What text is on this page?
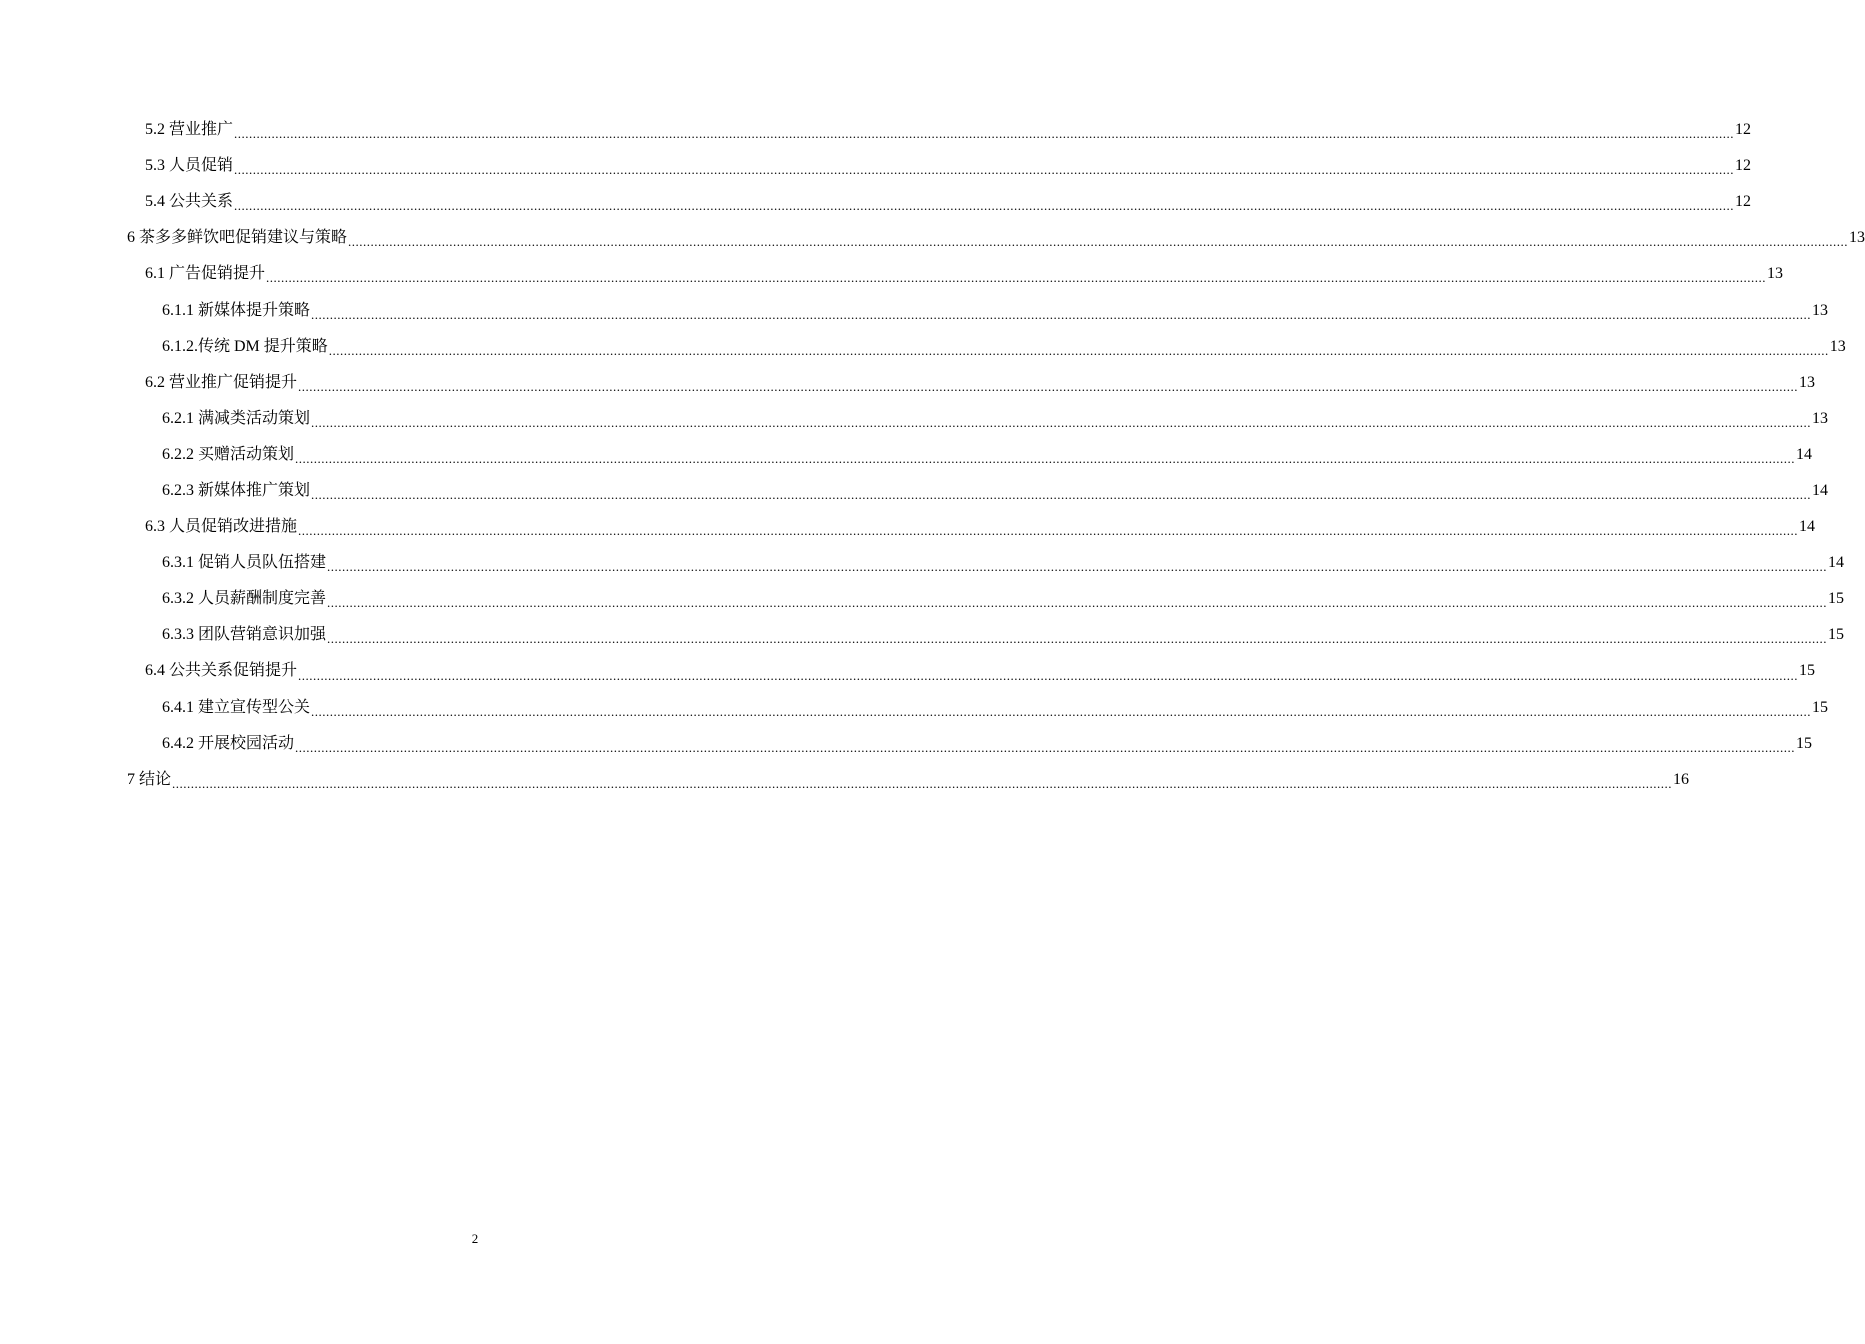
5.2 营业推广 ................................................................................................................................................................................................................................................................................................................................................................................................................ 12
5.3 人员促销 ................................................................................................................................................................................................................................................................................................................................................................................................................ 12
5.4 公共关系 ................................................................................................................................................................................................................................................................................................................................................................................................................ 12
6 茶多多鲜饮吧促销建议与策略 ................................................................................................................................................................................................................................................................................................................................................................................................................ 13
6.1 广告促销提升 ................................................................................................................................................................................................................................................................................................................................................................................................................ 13
6.1.1 新媒体提升策略 ................................................................................................................................................................................................................................................................................................................................................................................................................ 13
6.1.2.传统 DM 提升策略 ................................................................................................................................................................................................................................................................................................................................................................................................................ 13
6.2 营业推广促销提升 ................................................................................................................................................................................................................................................................................................................................................................................................................ 13
6.2.1 满减类活动策划 ................................................................................................................................................................................................................................................................................................................................................................................................................ 13
6.2.2 买赠活动策划 ................................................................................................................................................................................................................................................................................................................................................................................................................ 14
6.2.3 新媒体推广策划 ................................................................................................................................................................................................................................................................................................................................................................................................................ 14
6.3 人员促销改进措施 ................................................................................................................................................................................................................................................................................................................................................................................................................ 14
6.3.1 促销人员队伍搭建 ................................................................................................................................................................................................................................................................................................................................................................................................................ 14
6.3.2 人员薪酬制度完善 ................................................................................................................................................................................................................................................................................................................................................................................................................ 15
6.3.3 团队营销意识加强 ................................................................................................................................................................................................................................................................................................................................................................................................................ 15
6.4 公共关系促销提升 ................................................................................................................................................................................................................................................................................................................................................................................................................ 15
6.4.1 建立宣传型公关 ................................................................................................................................................................................................................................................................................................................................................................................................................ 15
6.4.2 开展校园活动 ................................................................................................................................................................................................................................................................................................................................................................................................................ 15
7 结论 ................................................................................................................................................................................................................................................................................................................................................................................................................ 16
2
